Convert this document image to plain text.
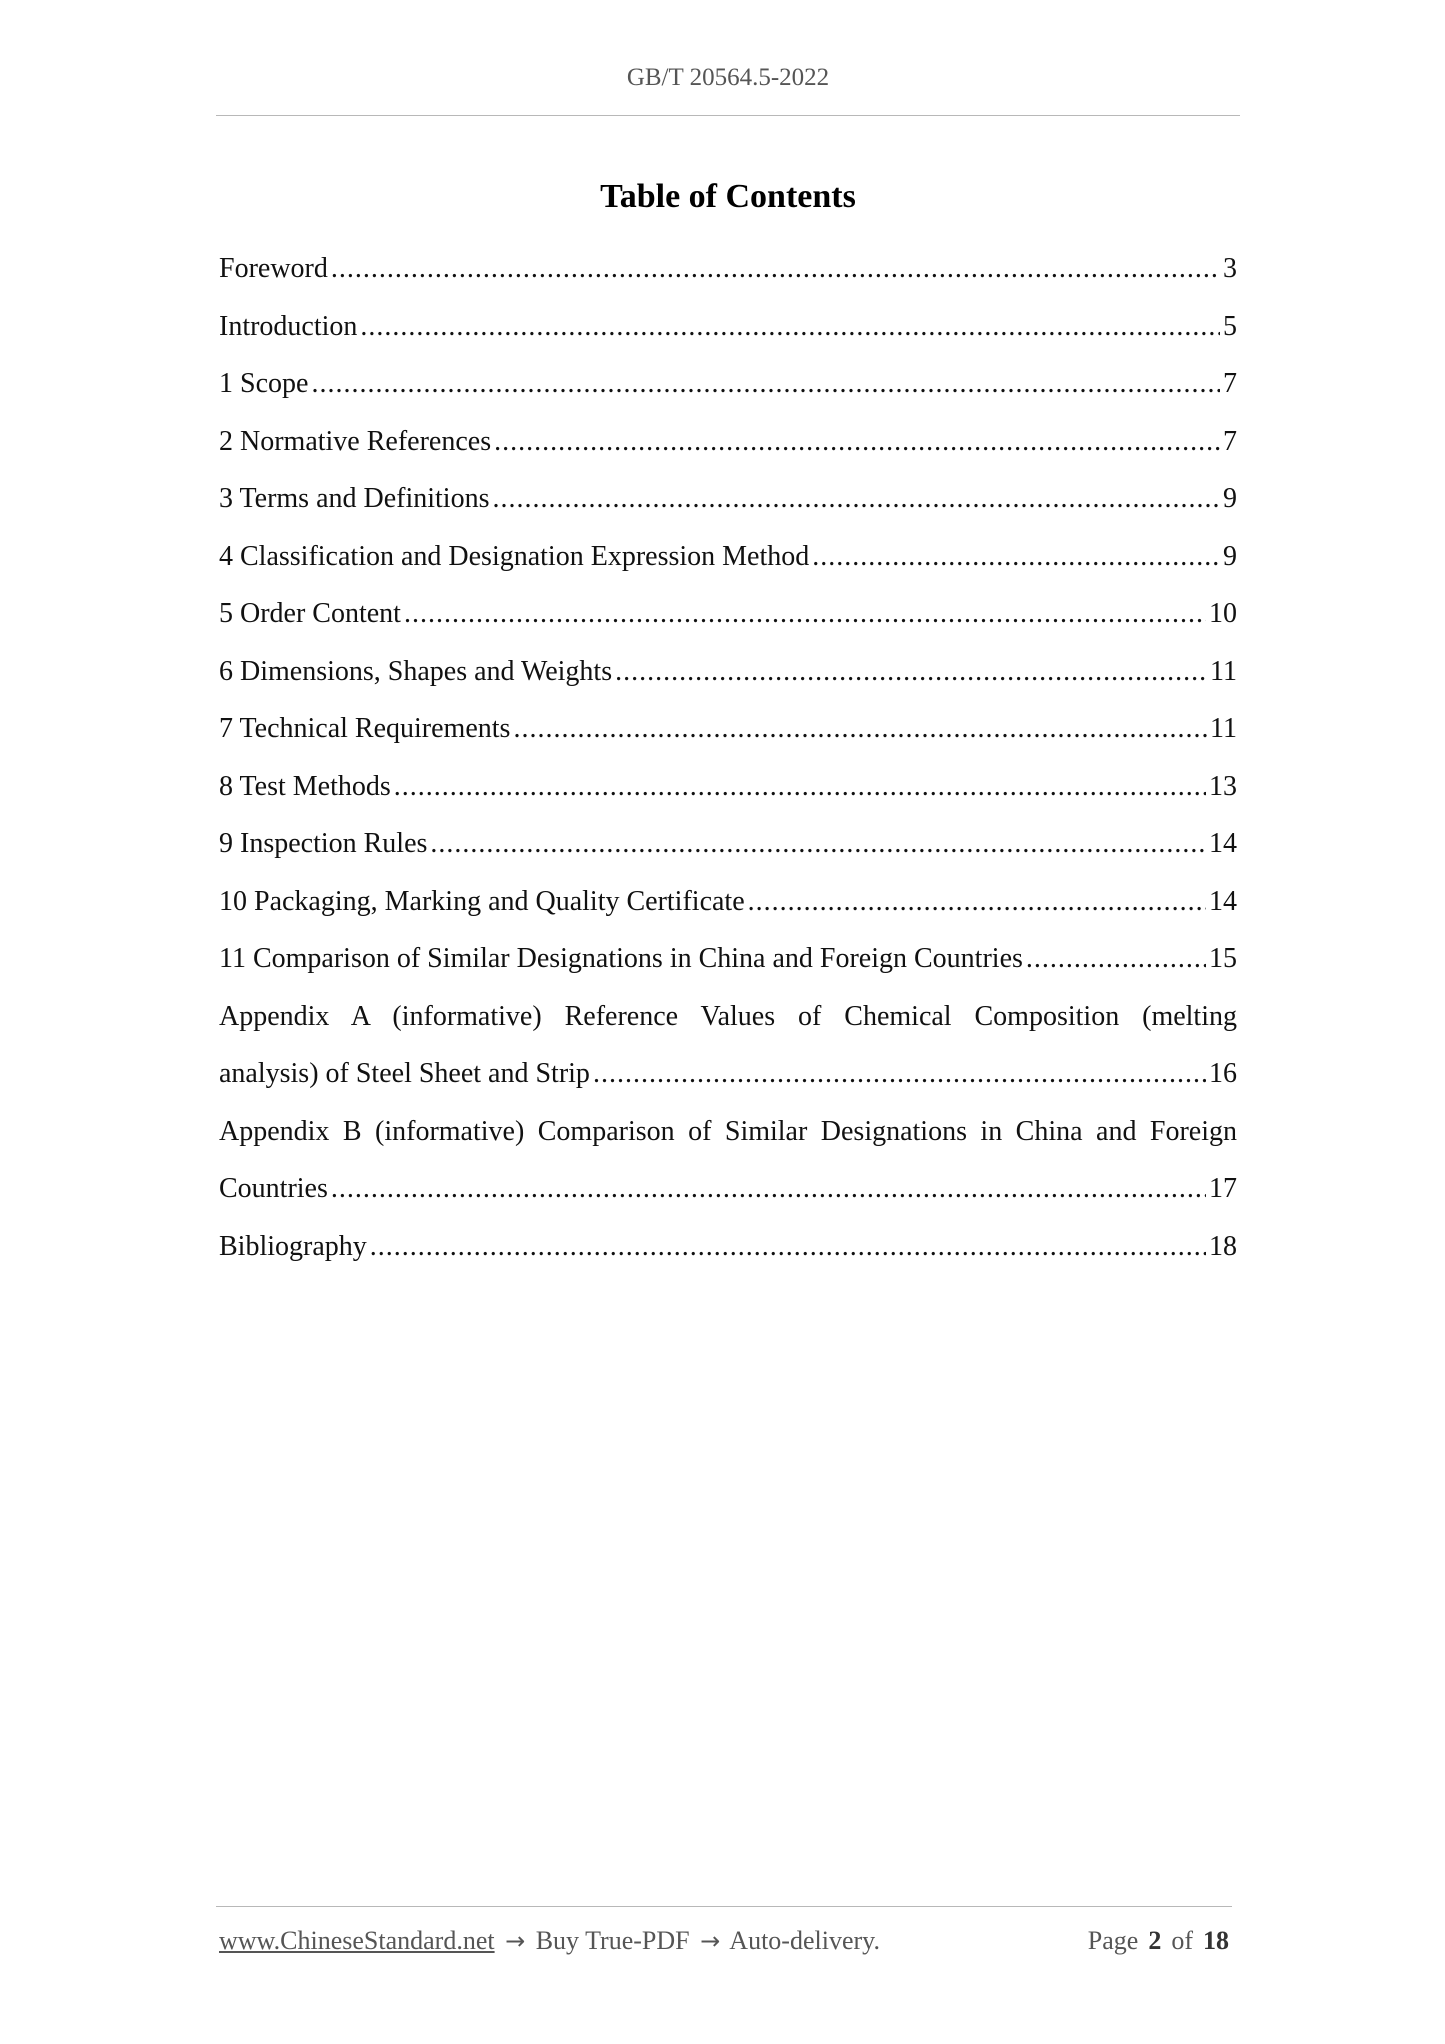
GB/T 20564.5-2022
Table of Contents
Foreword .....	3
Introduction .....	5
1 Scope .....	7
2 Normative References .....	7
3 Terms and Definitions .....	9
4 Classification and Designation Expression Method .....	9
5 Order Content .....	10
6 Dimensions, Shapes and Weights .....	11
7 Technical Requirements .....	11
8 Test Methods .....	13
9 Inspection Rules .....	14
10 Packaging, Marking and Quality Certificate .....	14
11 Comparison of Similar Designations in China and Foreign Countries .....	15
Appendix A (informative) Reference Values of Chemical Composition (melting
analysis) of Steel Sheet and Strip .....	16
Appendix B (informative) Comparison of Similar Designations in China and Foreign
Countries .....	17
Bibliography .....	18
www.ChineseStandard.net → Buy True-PDF → Auto-delivery.	Page 2 of 18
